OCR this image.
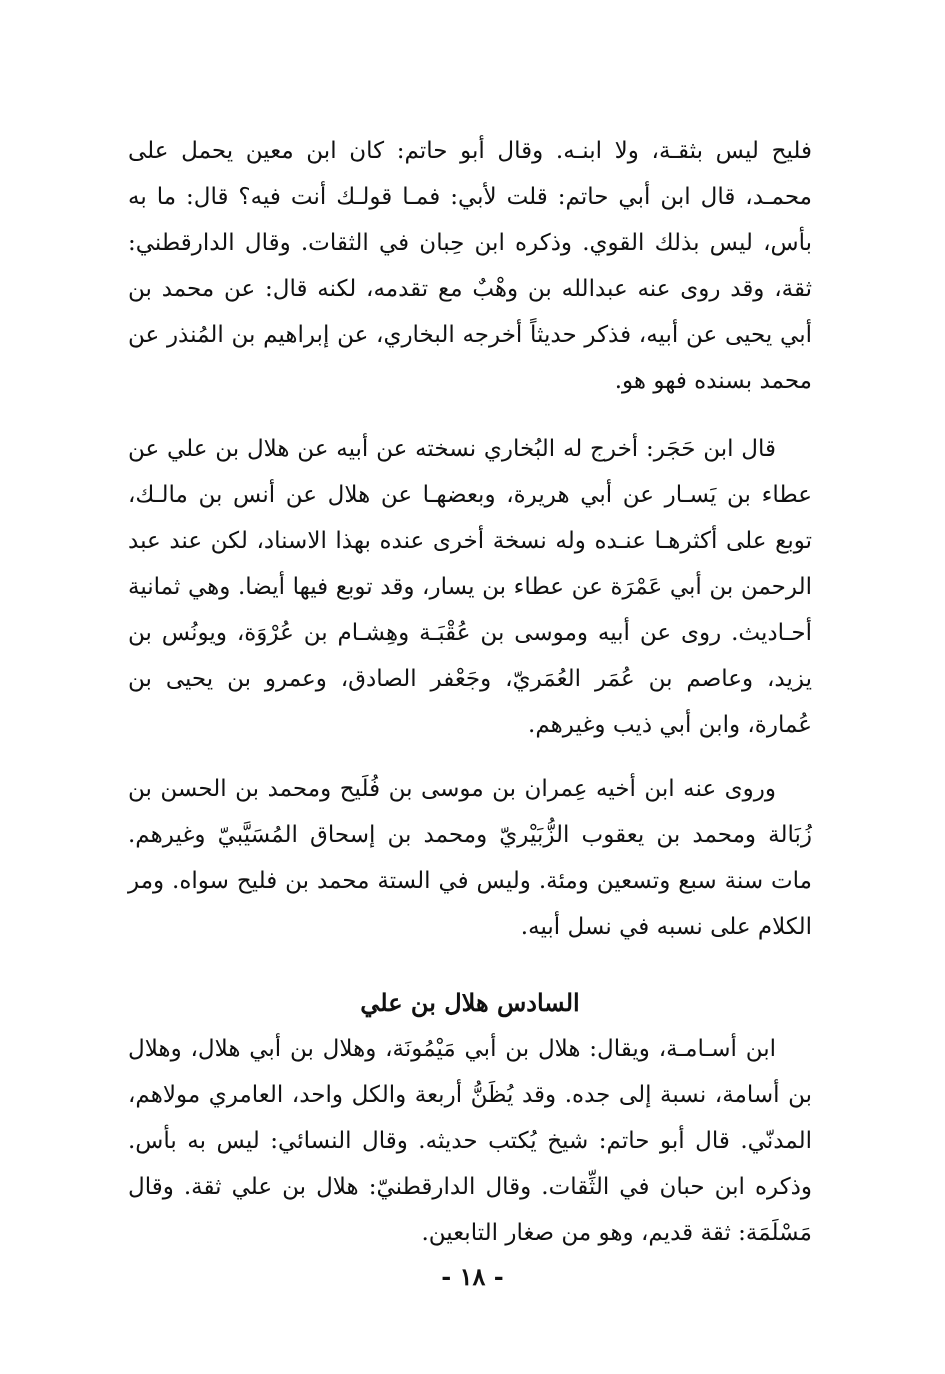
فليح ليس بثقـة، ولا ابنـه. وقال أبو حاتم: كان ابن معين يحمل على محمـد، قال ابن أبي حاتم: قلت لأبي: فمـا قولـك أنت فيه؟ قال: ما به بأس، ليس بذلك القوي. وذكره ابن حِبان في الثقات. وقال الدارقطني: ثقة، وقد روى عنه عبدالله بن وهْبٌ مع تقدمه، لكنه قال: عن محمد بن أبي يحيى عن أبيه، فذكر حديثاً أخرجه البخاري، عن إبراهيم بن المُنذر عن محمد بسنده فهو هو.

قال ابن حَجَر: أخرج له البُخاري نسخته عن أبيه عن هلال بن علي عن عطاء بن يَسـار عن أبي هريرة، وبعضهـا عن هلال عن أنس بن مالـك، توبع على أكثرهـا عنـده وله نسخة أخرى عنده بهذا الاسناد، لكن عند عبد الرحمن بن أبي عَمْرَة عن عطاء بن يسار، وقد توبع فيها أيضا. وهي ثمانية أحـاديث. روى عن أبيه وموسى بن عُقْبَـة وهِشـام بن عُرْوَة، ويونُس بن يزيد، وعاصم بن عُمَر العُمَريّ، وجَعْفر الصادق، وعمرو بن يحيى بن عُمارة، وابن أبي ذيب وغيرهم.

وروى عنه ابن أخيه عِمران بن موسى بن فُلَيح ومحمد بن الحسن بن زُبَالة ومحمد بن يعقوب الزُّبَيْريّ ومحمد بن إسحاق المُسَيَّبيّ وغيرهم. مات سنة سبع وتسعين ومئة. وليس في الستة محمد بن فليح سواه. ومر الكلام على نسبه في نسل أبيه.

السادس هلال بن علي

ابن أسـامـة، ويقال: هلال بن أبي مَيْمُونَة، وهلال بن أبي هلال، وهلال بن أسامة، نسبة إلى جده. وقد يُظَنُّ أربعة والكل واحد، العامري مولاهم، المدنّي. قال أبو حاتم: شيخ يُكتب حديثه. وقال النسائي: ليس به بأس. وذكره ابن حبان في الثِّقات. وقال الدارقطنيّ: هلال بن علي ثقة. وقال مَسْلَمَة: ثقة قديم، وهو من صغار التابعين.

- ١٨ -
